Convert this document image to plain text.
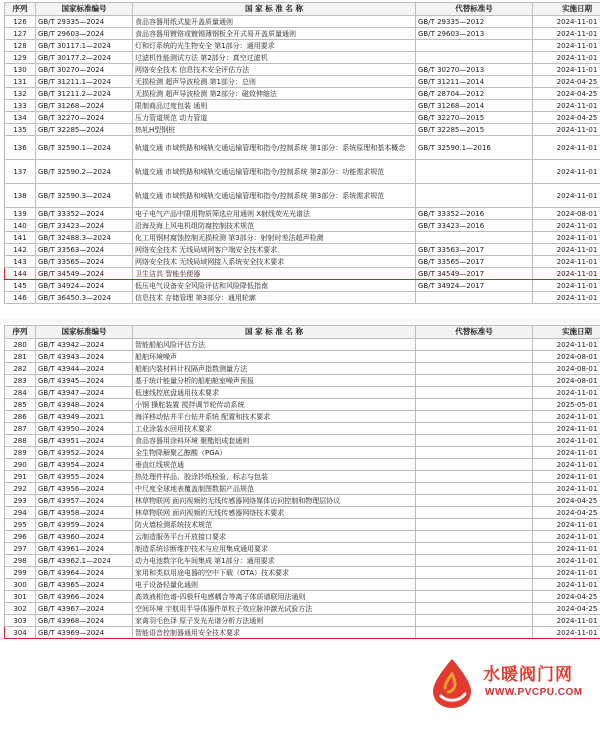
序列	国家标准编号	国 家 标 准 名 称	代替标准号	实施日期
126	GB/T 29335—2024	食品容器用纸式旋开盖质量通则	GB/T 29335—2012	2024-11-01
127	GB/T 29603—2024	食品容器用镀铬或镀锡薄钢板全开式易开盖质量通则	GB/T 29603—2013	2024-11-01
128	GB/T 30117.1—2024	灯和灯系统的光生物安全 第1部分：通用要求		2024-11-01
129	GB/T 30177.2—2024	过滤机性能测试方法 第2部分：真空过滤机		2024-11-01
130	GB/T 30270—2024	网络安全技术 信息技术安全评估方法	GB/T 30270—2013	2024-11-01
131	GB/T 31211.1—2024	无损检测 超声导波检测 第1部分：总则	GB/T 31211—2014	2024-04-25
132	GB/T 31211.2—2024	无损检测 超声导波检测 第2部分：磁致伸缩法	GB/T 28704—2012	2024-04-25
133	GB/T 31268—2024	限制商品过度包装 通则	GB/T 31268—2014	2024-11-01
134	GB/T 32270—2024	压力管道规范 动力管道	GB/T 32270—2015	2024-04-25
135	GB/T 32285—2024	热轧H型钢桩	GB/T 32285—2015	2024-11-01
136	GB/T 32590.1—2024	轨道交通 市域铁路和城轨交通运输管理和指令/控制系统 第1部分：系统原理和基本概念	GB/T 32590.1—2016	2024-11-01
137	GB/T 32590.2—2024	轨道交通 市域铁路和城轨交通运输管理和指令/控制系统 第2部分：功能需求规范		2024-11-01
138	GB/T 32590.3—2024	轨道交通 市域铁路和城轨交通运输管理和指令/控制系统 第3部分：系统需求规范		2024-11-01
139	GB/T 33352—2024	电子电气产品中限用物质筛选应用通则 X射线荧光光谱法	GB/T 33352—2016	2024-08-01
140	GB/T 33423—2024	沿海及海上风电机组防腐控制技术规范	GB/T 33423—2016	2024-11-01
141	GB/T 32488.3—2024	化工用钢材腐蚀控制无损检测 第3部分：射射时差法超声检测		2024-11-01
142	GB/T 33563—2024	网络安全技术 无线局域网客户端安全技术要求	GB/T 33563—2017	2024-11-01
143	GB/T 33565—2024	网络安全技术 无线局域网接入系统安全技术要求	GB/T 33565—2017	2024-11-01
144	GB/T 34549—2024	卫生洁具 智能坐便器	GB/T 34549—2017	2024-11-01
145	GB/T 34924—2024	低压电气设备安全风险评估和风险降低指南	GB/T 34924—2017	2024-11-01
146	GB/T 36450.3—2024	信息技术 存储管理 第3部分：通用轮廓		2024-11-01
序列	国家标准编号	国 家 标 准 名 称	代替标准号	实施日期
280	GB/T 43942—2024	智能船舶风险评估方法		2024-11-01
281	GB/T 43943—2024	船舶环境噪声		2024-08-01
282	GB/T 43944—2024	船舶内装材料计权隔声指数测量方法		2024-08-01
283	GB/T 43945—2024	基于统计能量分析的船舶舱室噪声预报		2024-08-01
284	GB/T 43947—2024	低速线控底盘通用技术要求		2024-11-01
285	GB/T 43948—2024	小钢 操舵装置 搅拌调节轮传动系统		2025-05-01
286	GB/T 43949—2021	海洋移动钻井平台钻井系统 配置和技术要求		2024-11-01
287	GB/T 43950—2024	工业涂装水回用技术要求		2024-11-01
288	GB/T 43951—2024	食品容器用涂料环境 聚酯铝成套通则		2024-11-01
289	GB/T 43952—2024	全生物降解聚乙醇酸（PGA）		2024-11-01
290	GB/T 43954—2024	垂直红线规范通		2024-11-01
291	GB/T 43955—2024	热处理件样品、胶涂抄纸检验、标志与包装		2024-11-01
292	GB/T 43956—2024	中尺度全球地表覆盖制图数据产品规范		2024-11-01
293	GB/T 43957—2024	林草物联网 面向视频的无线传感器网络媒体访问控制和物理层协议		2024-04-25
294	GB/T 43958—2024	林草物联网 面向视频的无线传感器网络技术要求		2024-04-25
295	GB/T 43959—2024	防火墙检测系统技术规范		2024-11-01
296	GB/T 43960—2024	云制造服务平台开放接口要求		2024-11-01
297	GB/T 43961—2024	制造系统诊断维护技术与应用集成通用要求		2024-11-01
298	GB/T 43962.1—2024	动力电池数字化车间集成 第1部分：通用要求		2024-11-01
299	GB/T 43964—2024	家用和类似用途电器的空中下载（OTA）技术要求		2024-11-01
300	GB/T 43965—2024	电子设备轻量化通则		2024-11-01
301	GB/T 43966—2024	高效液相色谱-四极杆电感耦合等离子体质谱联用法通则		2024-04-25
302	GB/T 43967—2024	空间环境 宇航用半导体器件单粒子效应脉冲激光试验方法		2024-04-25
303	GB/T 43968—2024	家禽羽毛色泽 原子发光光谱分析方法通则		2024-11-01
304	GB/T 43969—2024	智能语音控制器通用安全技术要求		2024-11-01
水暖阀门网
WWW.PVCPU.COM
